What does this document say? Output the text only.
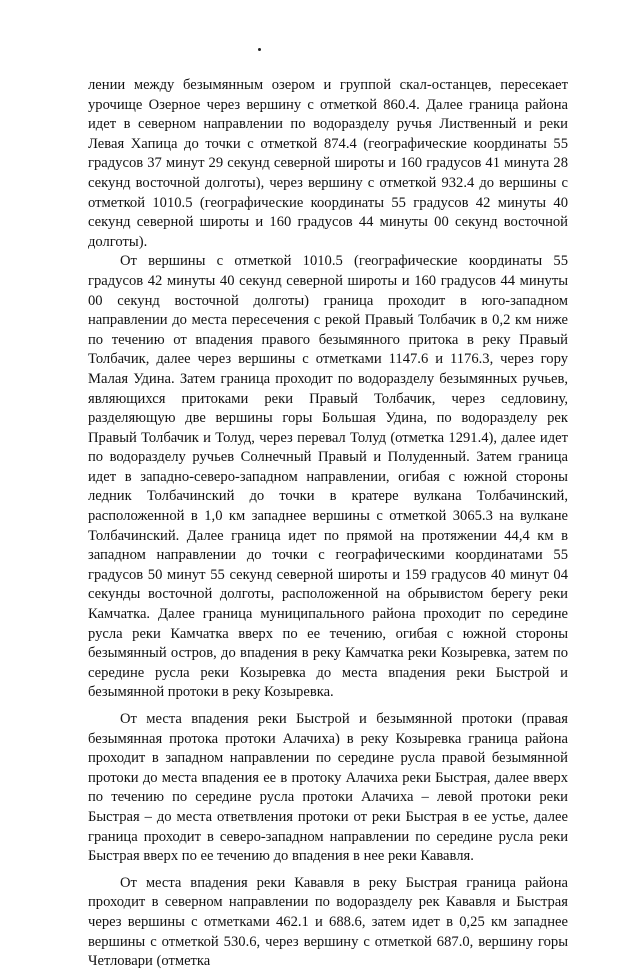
лении между безымянным озером и группой скал-останцев, пересекает урочище Озерное через вершину с отметкой 860.4. Далее граница района идет в северном направлении по водоразделу ручья Лиственный и реки Левая Хапица до точки с отметкой 874.4 (географические координаты 55 градусов 37 минут 29 секунд северной широты и 160 градусов 41 минута 28 секунд восточной долготы), через вершину с отметкой 932.4 до вершины с отметкой 1010.5 (географические координаты 55 градусов 42 минуты 40 секунд северной широты и 160 градусов 44 минуты 00 секунд восточной долготы).

От вершины с отметкой 1010.5 (географические координаты 55 градусов 42 минуты 40 секунд северной широты и 160 градусов 44 минуты 00 секунд восточной долготы) граница проходит в юго-западном направлении до места пересечения с рекой Правый Толбачик в 0,2 км ниже по течению от впадения правого безымянного притока в реку Правый Толбачик, далее через вершины с отметками 1147.6 и 1176.3, через гору Малая Удина. Затем граница проходит по водоразделу безымянных ручьев, являющихся притоками реки Правый Толбачик, через седловину, разделяющую две вершины горы Большая Удина, по водоразделу рек Правый Толбачик и Толуд, через перевал Толуд (отметка 1291.4), далее идет по водоразделу ручьев Солнечный Правый и Полуденный. Затем граница идет в западно-северо-западном направлении, огибая с южной стороны ледник Толбачинский до точки в кратере вулкана Толбачинский, расположенной в 1,0 км западнее вершины с отметкой 3065.3 на вулкане Толбачинский. Далее граница идет по прямой на протяжении 44,4 км в западном направлении до точки с географическими координатами 55 градусов 50 минут 55 секунд северной широты и 159 градусов 40 минут 04 секунды восточной долготы, расположенной на обрывистом берегу реки Камчатка. Далее граница муниципального района проходит по середине русла реки Камчатка вверх по ее течению, огибая с южной стороны безымянный остров, до впадения в реку Камчатка реки Козыревка, затем по середине русла реки Козыревка до места впадения реки Быстрой и безымянной протоки в реку Козыревка.

От места впадения реки Быстрой и безымянной протоки (правая безымянная протока протоки Алачиха) в реку Козыревка граница района проходит в западном направлении по середине русла правой безымянной протоки до места впадения ее в протоку Алачиха реки Быстрая, далее вверх по течению по середине русла протоки Алачиха – левой протоки реки Быстрая – до места ответвления протоки от реки Быстрая в ее устье, далее граница проходит в северо-западном направлении по середине русла реки Быстрая вверх по ее течению до впадения в нее реки Кававля.

От места впадения реки Кававля в реку Быстрая граница района проходит в северном направлении по водоразделу рек Кававля и Быстрая через вершины с отметками 462.1 и 688.6, затем идет в 0,25 км западнее вершины с отметкой 530.6, через вершину с отметкой 687.0, вершину горы Четловари (отметка
